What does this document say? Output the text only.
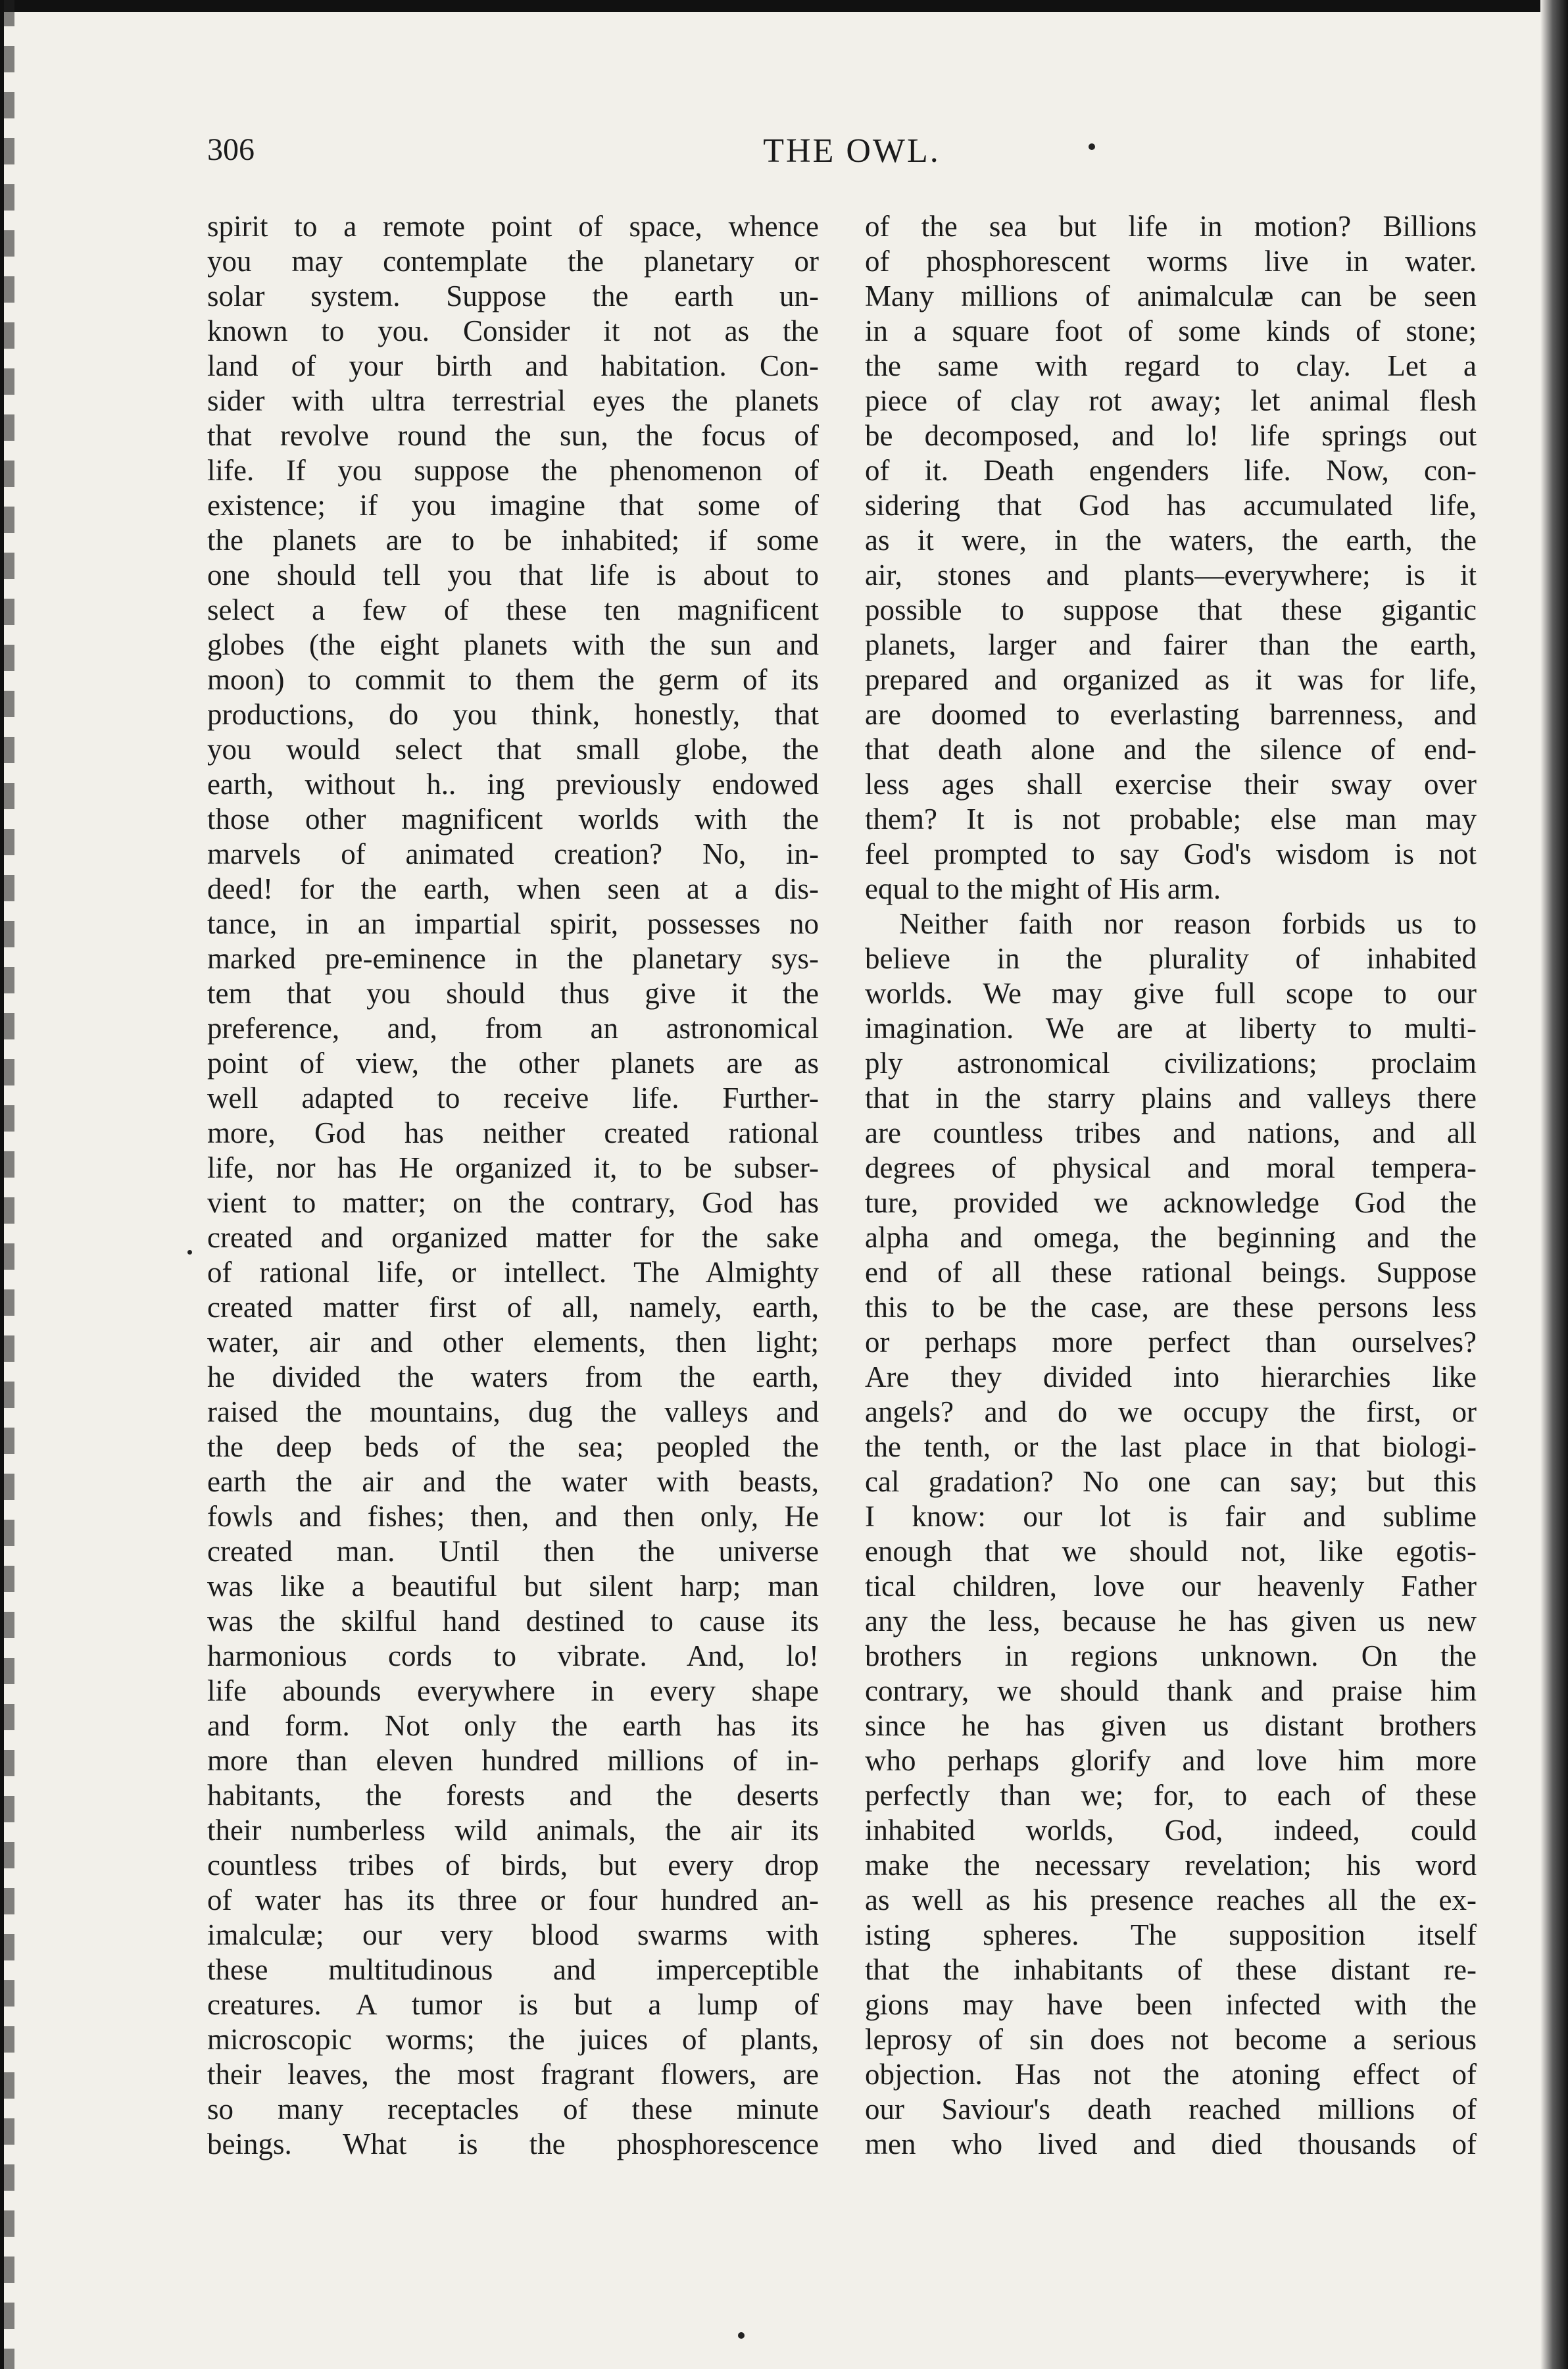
306	THE OWL.
spirit to a remote point of space, whence
you may contemplate the planetary or
solar system. Suppose the earth un-
known to you. Consider it not as the
land of your birth and habitation. Con-
sider with ultra terrestrial eyes the planets
that revolve round the sun, the focus of
life. If you suppose the phenomenon of
existence; if you imagine that some of
the planets are to be inhabited; if some
one should tell you that life is about to
select a few of these ten magnificent
globes (the eight planets with the sun and
moon) to commit to them the germ of its
productions, do you think, honestly, that
you would select that small globe, the
earth, without h.. ing previously endowed
those other magnificent worlds with the
marvels of animated creation? No, in-
deed! for the earth, when seen at a dis-
tance, in an impartial spirit, possesses no
marked pre-eminence in the planetary sys-
tem that you should thus give it the
preference, and, from an astronomical
point of view, the other planets are as
well adapted to receive life. Further-
more, God has neither created rational
life, nor has He organized it, to be subser-
vient to matter; on the contrary, God has
created and organized matter for the sake
of rational life, or intellect. The Almighty
created matter first of all, namely, earth,
water, air and other elements, then light;
he divided the waters from the earth,
raised the mountains, dug the valleys and
the deep beds of the sea; peopled the
earth the air and the water with beasts,
fowls and fishes; then, and then only, He
created man. Until then the universe
was like a beautiful but silent harp; man
was the skilful hand destined to cause its
harmonious cords to vibrate. And, lo!
life abounds everywhere in every shape
and form. Not only the earth has its
more than eleven hundred millions of in-
habitants, the forests and the deserts
their numberless wild animals, the air its
countless tribes of birds, but every drop
of water has its three or four hundred an-
imalculæ; our very blood swarms with
these multitudinous and imperceptible
creatures. A tumor is but a lump of
microscopic worms; the juices of plants,
their leaves, the most fragrant flowers, are
so many receptacles of these minute
beings. What is the phosphorescence
of the sea but life in motion? Billions
of phosphorescent worms live in water.
Many millions of animalculæ can be seen
in a square foot of some kinds of stone;
the same with regard to clay. Let a
piece of clay rot away; let animal flesh
be decomposed, and lo! life springs out
of it. Death engenders life. Now, con-
sidering that God has accumulated life,
as it were, in the waters, the earth, the
air, stones and plants—everywhere; is it
possible to suppose that these gigantic
planets, larger and fairer than the earth,
prepared and organized as it was for life,
are doomed to everlasting barrenness, and
that death alone and the silence of end-
less ages shall exercise their sway over
them? It is not probable; else man may
feel prompted to say God's wisdom is not
equal to the might of His arm.
Neither faith nor reason forbids us to
believe in the plurality of inhabited
worlds. We may give full scope to our
imagination. We are at liberty to multi-
ply astronomical civilizations; proclaim
that in the starry plains and valleys there
are countless tribes and nations, and all
degrees of physical and moral tempera-
ture, provided we acknowledge God the
alpha and omega, the beginning and the
end of all these rational beings. Suppose
this to be the case, are these persons less
or perhaps more perfect than ourselves?
Are they divided into hierarchies like
angels? and do we occupy the first, or
the tenth, or the last place in that biologi-
cal gradation? No one can say; but this
I know: our lot is fair and sublime
enough that we should not, like egotis-
tical children, love our heavenly Father
any the less, because he has given us new
brothers in regions unknown. On the
contrary, we should thank and praise him
since he has given us distant brothers
who perhaps glorify and love him more
perfectly than we; for, to each of these
inhabited worlds, God, indeed, could
make the necessary revelation; his word
as well as his presence reaches all the ex-
isting spheres. The supposition itself
that the inhabitants of these distant re-
gions may have been infected with the
leprosy of sin does not become a serious
objection. Has not the atoning effect of
our Saviour's death reached millions of
men who lived and died thousands of
